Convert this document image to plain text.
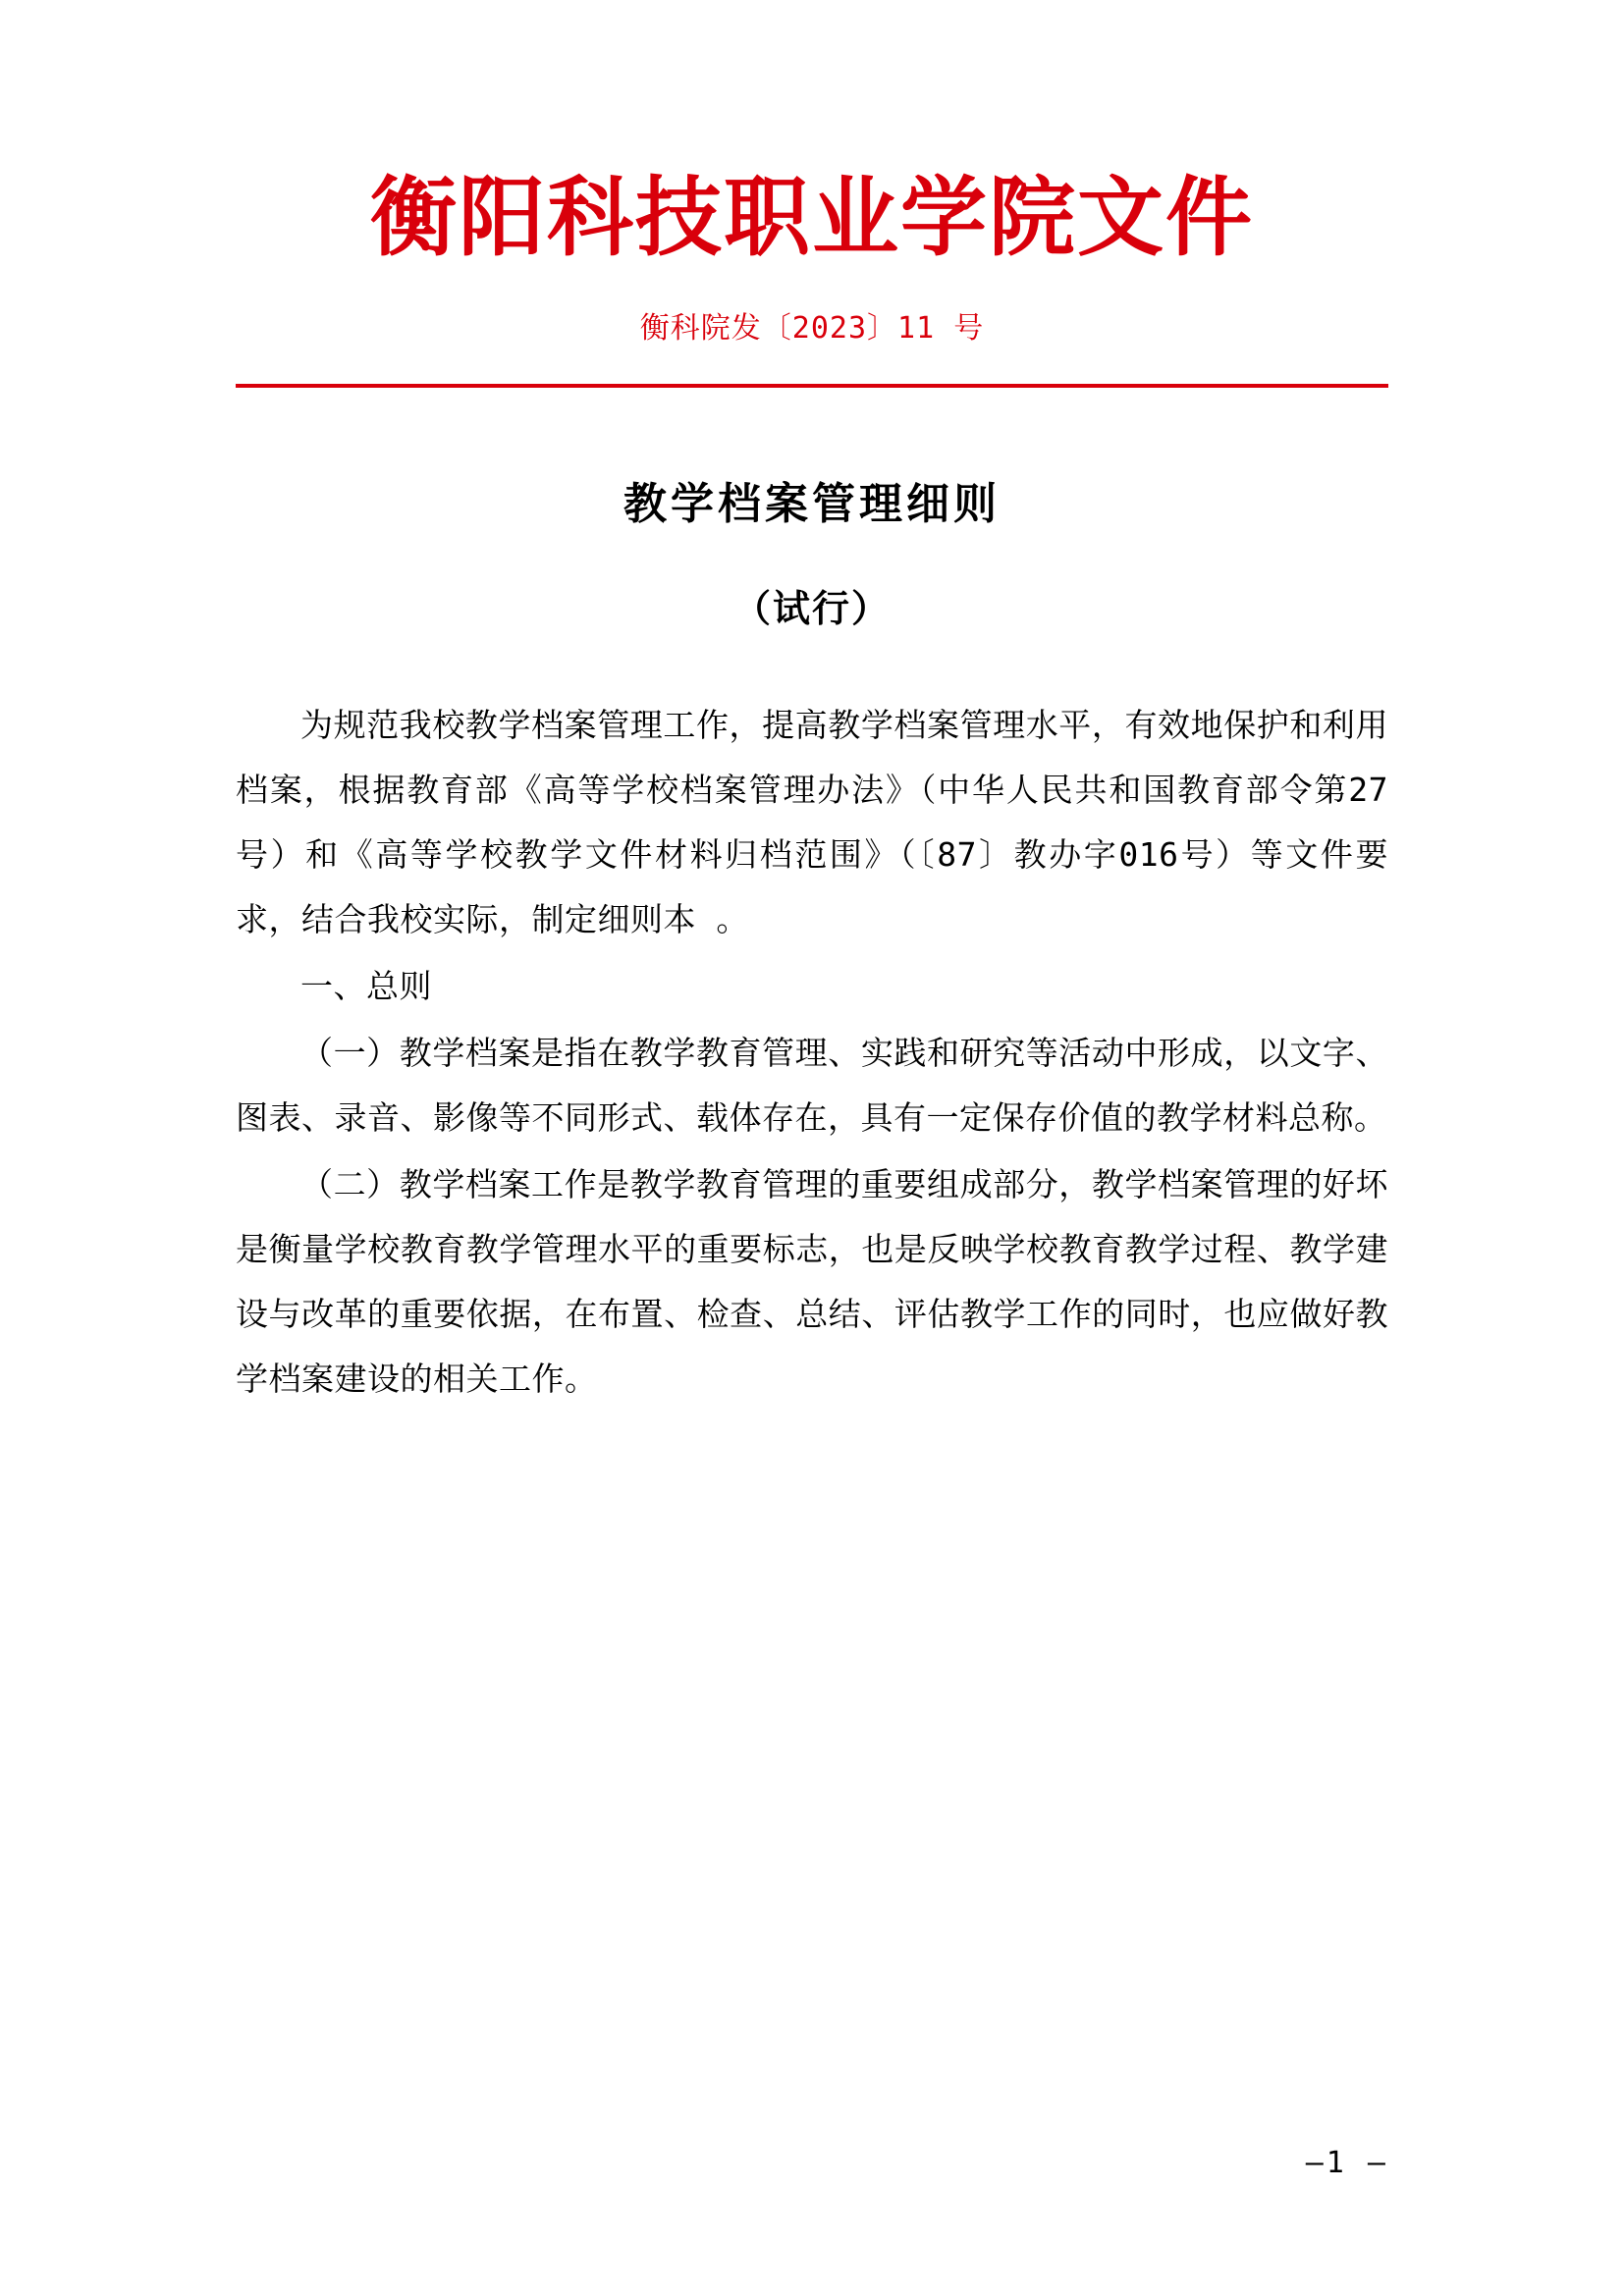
衡阳科技职业学院文件
衡科院发〔2023〕11 号
教学档案管理细则
（试行）

为规范我校教学档案管理工作，提高教学档案管理水平，有效地保护和利用档案，根据教育部《高等学校档案管理办法》（中华人民共和国教育部令第27号）和《高等学校教学文件材料归档范围》（〔87〕教办字016号）等文件要求，结合我校实际，制定细则本 。

一、总则

（一）教学档案是指在教学教育管理、实践和研究等活动中形成，以文字、图表、录音、影像等不同形式、载体存在，具有一定保存价值的教学材料总称。

（二）教学档案工作是教学教育管理的重要组成部分，教学档案管理的好坏是衡量学校教育教学管理水平的重要标志，也是反映学校教育教学过程、教学建设与改革的重要依据，在布置、检查、总结、评估教学工作的同时，也应做好教学档案建设的相关工作。

—1 —
